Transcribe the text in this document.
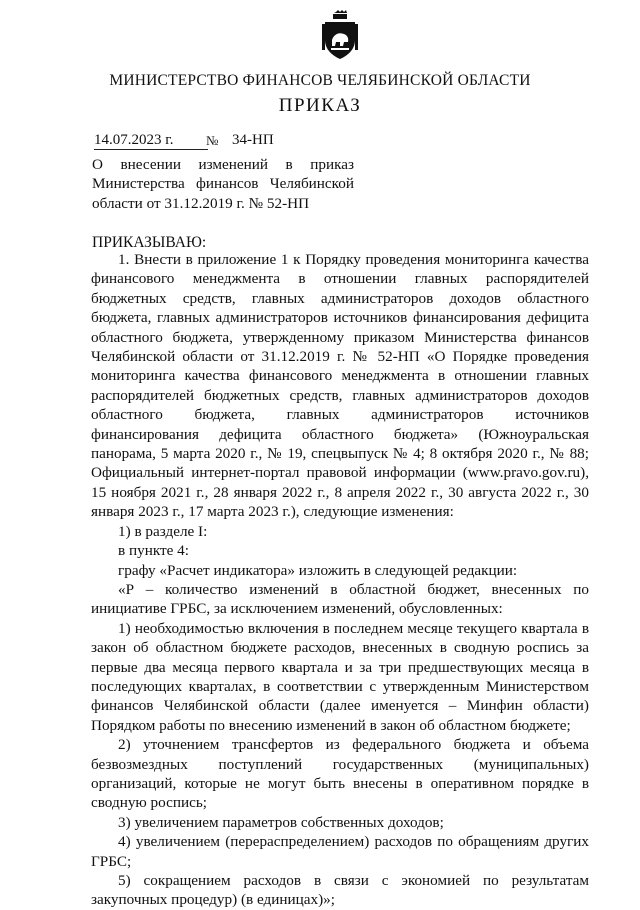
МИНИСТЕРСТВО ФИНАНСОВ ЧЕЛЯБИНСКОЙ ОБЛАСТИ
ПРИКАЗ
14.07.2023 г.	№ 34-НП
О внесении изменений в приказ
Министерства финансов Челябинской
области от 31.12.2019 г. № 52-НП
ПРИКАЗЫВАЮ:

1. Внести в приложение 1 к Порядку проведения мониторинга качества финансового менеджмента в отношении главных распорядителей бюджетных средств, главных администраторов доходов областного бюджета, главных администраторов источников финансирования дефицита областного бюджета, утвержденному приказом Министерства финансов Челябинской области от 31.12.2019 г. № 52-НП «О Порядке проведения мониторинга качества финансового менеджмента в отношении главных распорядителей бюджетных средств, главных администраторов доходов областного бюджета, главных администраторов источников финансирования дефицита областного бюджета» (Южноуральская панорама, 5 марта 2020 г., № 19, спецвыпуск № 4; 8 октября 2020 г., № 88; Официальный интернет-портал правовой информации (www.pravo.gov.ru), 15 ноября 2021 г., 28 января 2022 г., 8 апреля 2022 г., 30 августа 2022 г., 30 января 2023 г., 17 марта 2023 г.), следующие изменения:

1) в разделе I:

в пункте 4:

графу «Расчет индикатора» изложить в следующей редакции:

«Р – количество изменений в областной бюджет, внесенных по инициативе ГРБС, за исключением изменений, обусловленных:

1) необходимостью включения в последнем месяце текущего квартала в закон об областном бюджете расходов, внесенных в сводную роспись за первые два месяца первого квартала и за три предшествующих месяца в последующих кварталах, в соответствии с утвержденным Министерством финансов Челябинской области (далее именуется – Минфин области) Порядком работы по внесению изменений в закон об областном бюджете;

2) уточнением трансфертов из федерального бюджета и объема безвозмездных поступлений государственных (муниципальных) организаций, которые не могут быть внесены в оперативном порядке в сводную роспись;

3) увеличением параметров собственных доходов;

4) увеличением (перераспределением) расходов по обращениям других ГРБС;

5) сокращением расходов в связи с экономией по результатам закупочных процедур) (в единицах)»;
